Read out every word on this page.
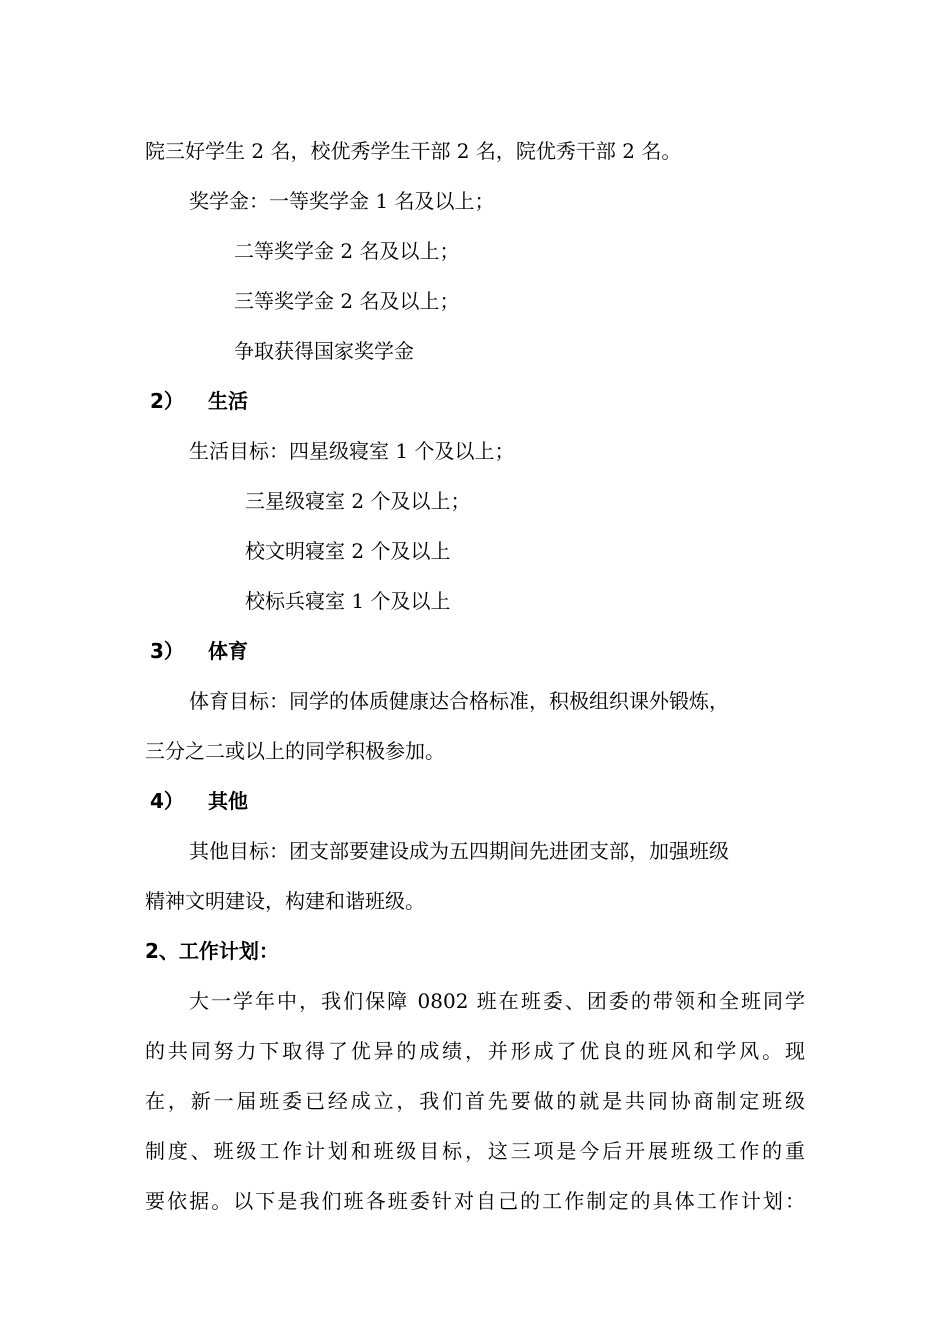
院三好学生 2 名，校优秀学生干部 2 名，院优秀干部 2 名。
奖学金：一等奖学金 1 名及以上；
二等奖学金 2 名及以上；
三等奖学金 2 名及以上；
争取获得国家奖学金
2） 生活
生活目标：四星级寝室 1 个及以上；
三星级寝室 2 个及以上；
校文明寝室 2 个及以上
校标兵寝室 1 个及以上
3） 体育
体育目标：同学的体质健康达合格标准，积极组织课外锻炼，
三分之二或以上的同学积极参加。
4） 其他
其他目标：团支部要建设成为五四期间先进团支部，加强班级
精神文明建设，构建和谐班级。
2、工作计划：
大一学年中，我们保障 0802 班在班委、团委的带领和全班同学
的共同努力下取得了优异的成绩，并形成了优良的班风和学风。现
在，新一届班委已经成立，我们首先要做的就是共同协商制定班级
制度、班级工作计划和班级目标，这三项是今后开展班级工作的重
要依据。以下是我们班各班委针对自己的工作制定的具体工作计划：
